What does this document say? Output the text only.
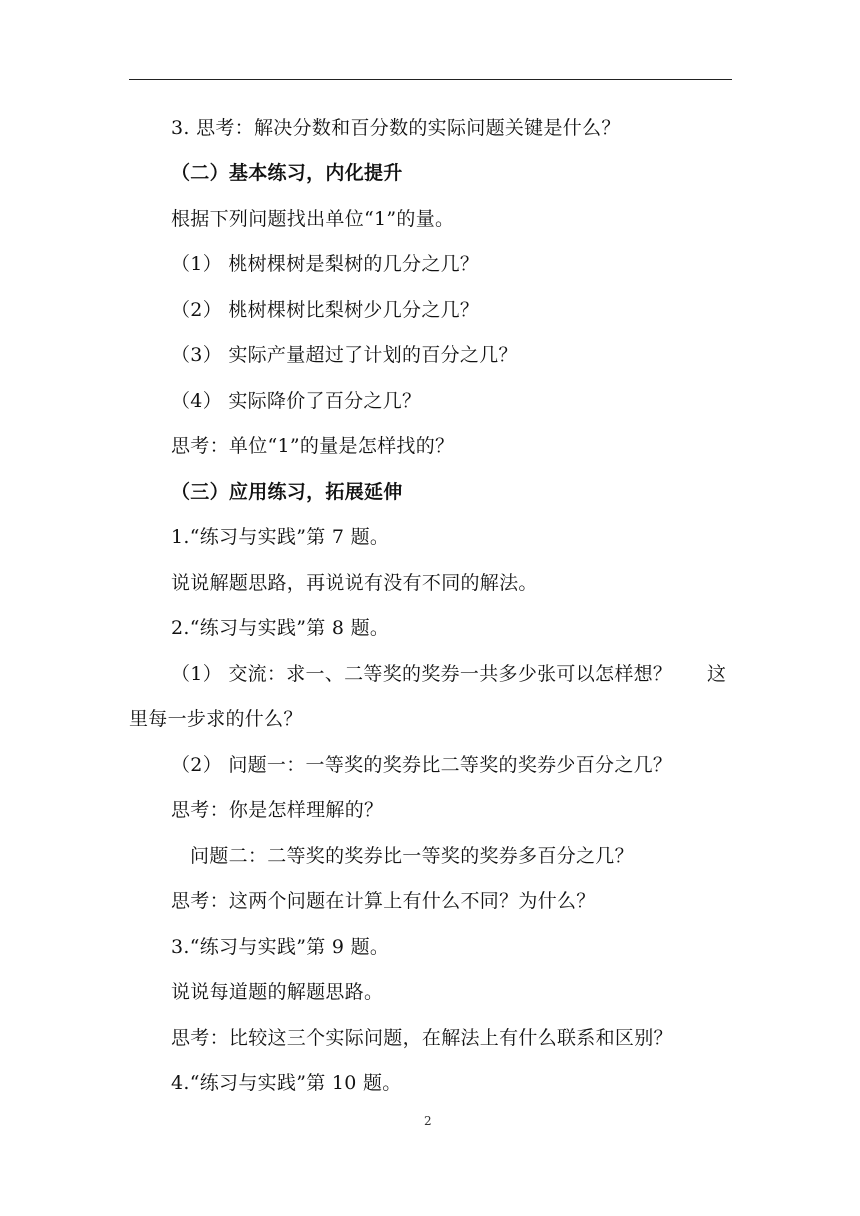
3. 思考：解决分数和百分数的实际问题关键是什么？
（二）基本练习，内化提升
根据下列问题找出单位“1”的量。
（1） 桃树棵树是梨树的几分之几？
（2） 桃树棵树比梨树少几分之几？
（3） 实际产量超过了计划的百分之几？
（4） 实际降价了百分之几？
思考：单位“1”的量是怎样找的？
（三）应用练习，拓展延伸
1.“练习与实践”第 7 题。
说说解题思路，再说说有没有不同的解法。
2.“练习与实践”第 8 题。
（1） 交流：求一、二等奖的奖券一共多少张可以怎样想？ 这
里每一步求的什么？
（2） 问题一：一等奖的奖券比二等奖的奖券少百分之几？
思考：你是怎样理解的？
问题二：二等奖的奖券比一等奖的奖券多百分之几？
思考：这两个问题在计算上有什么不同？为什么？
3.“练习与实践”第 9 题。
说说每道题的解题思路。
思考：比较这三个实际问题，在解法上有什么联系和区别？
4.“练习与实践”第 10 题。
2
